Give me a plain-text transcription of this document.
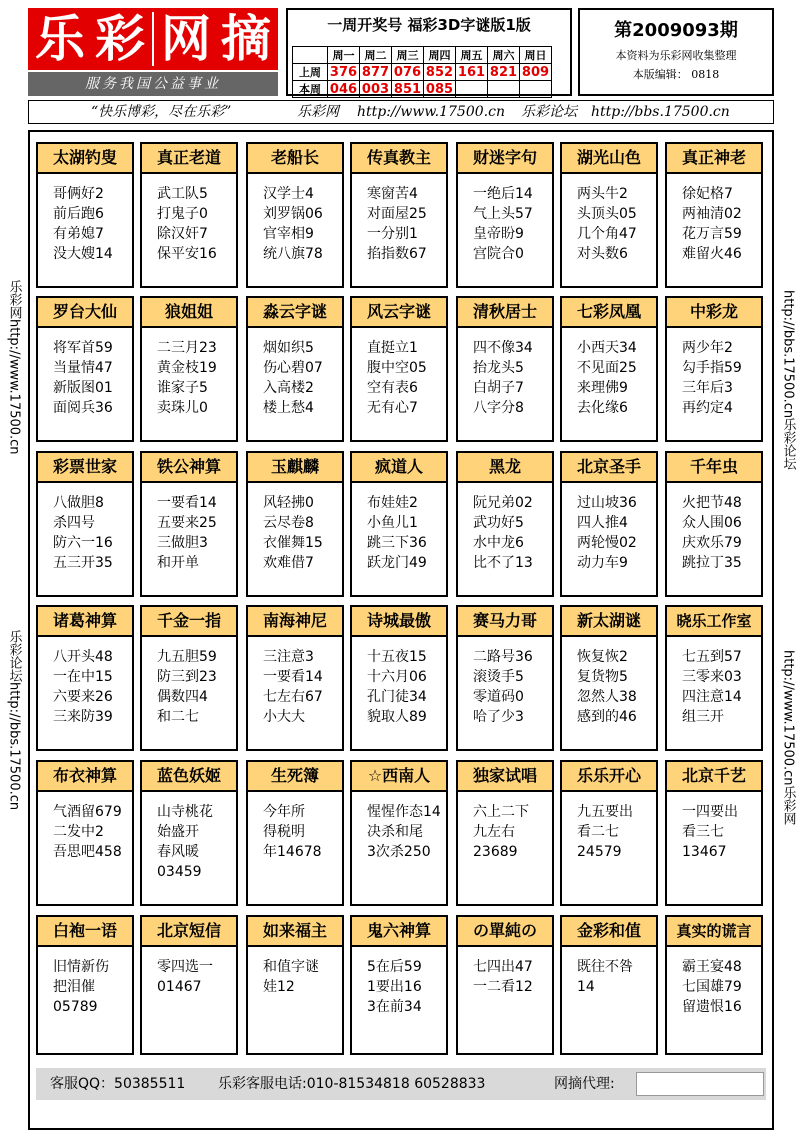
乐 彩 网 摘
服务我国公益事业
一周开奖号 福彩3D字谜版1版
	周一	周二	周三	周四	周五	周六	周日
上周	376	877	076	852	161	821	809
本周	046	003	851	085			
第2009093期
本资料为乐彩网收集整理
本版编辑： 0818
“快乐博彩，尽在乐彩”	乐彩网 http://www.17500.cn 乐彩论坛 http://bbs.17500.cn
乐彩网
http://www.17500.cn
乐彩论坛
http://bbs.17500.cn
http://bbs.17500.cn
乐彩论坛
http://www.17500.cn
乐彩网
太湖钓叟
哥俩好2
前后跑6
有弟媳7
没大嫂14
真正老道
武工队5
打鬼子0
除汉奸7
保平安16
老船长
汉学士4
刘罗锅06
官宰相9
统八旗78
传真教主
寒窗苦4
对面屋25
一分别1
掐指数67
财迷字句
一绝后14
气上头57
皇帝盼9
宫院合0
湖光山色
两头牛2
头顶头05
几个角47
对头数6
真正神老
徐妃格7
两袖清02
花万言59
难留火46
罗台大仙
将军首59
当量情47
新版图01
面阅兵36
狼姐姐
二三月23
黄金枝19
谁家子5
卖珠儿0
淼云字谜
烟如织5
伤心碧07
入高楼2
楼上愁4
风云字谜
直挺立1
腹中空05
空有表6
无有心7
清秋居士
四不像34
抬龙头5
白胡子7
八字分8
七彩凤凰
小西天34
不见面25
来理佛9
去化缘6
中彩龙
两少年2
勾手指59
三年后3
再约定4
彩票世家
八做胆8
杀四号
防六一16
五三开35
铁公神算
一要看14
五要来25
三做胆3
和开单
玉麒麟
风轻拂0
云尽卷8
衣催舞15
欢难借7
疯道人
布娃娃2
小鱼儿1
跳三下36
跃龙门49
黑龙
阮兄弟02
武功好5
水中龙6
比不了13
北京圣手
过山坡36
四人推4
两轮慢02
动力车9
千年虫
火把节48
众人围06
庆欢乐79
跳拉丁35
诸葛神算
八开头48
一在中15
六要来26
三来防39
千金一指
九五胆59
防三到23
偶数四4
和二七
南海神尼
三注意3
一要看14
七左右67
小大大
诗城最傲
十五夜15
十六月06
孔门徒34
貌取人89
赛马力哥
二路号36
滚烫手5
零道码0
哈了少3
新太湖谜
恢复恢2
复货物5
忽然人38
感到的46
晓乐工作室
七五到57
三零来03
四注意14
组三开
布衣神算
气酒留679
二发中2
吾思吧458
蓝色妖姬
山寺桃花
始盛开
春风暖
03459
生死簿
今年所
得税明
年14678
☆西南人
惺惺作态14
决杀和尾
3次杀250
独家试唱
六上二下
九左右
23689
乐乐开心
九五要出
看二七
24579
北京千艺
一四要出
看三七
13467
白袍一语
旧情新伤
把泪催
05789
北京短信
零四选一
01467
如来福主
和值字谜
娃12
鬼六神算
5在后59
1要出16
3在前34
の單純の
七四出47
一二看12
金彩和值
既往不咎
14
真实的谎言
霸王宴48
七国雄79
留遗恨16
客服QQ：50385511 乐彩客服电话:010-81534818 60528833	网摘代理:
